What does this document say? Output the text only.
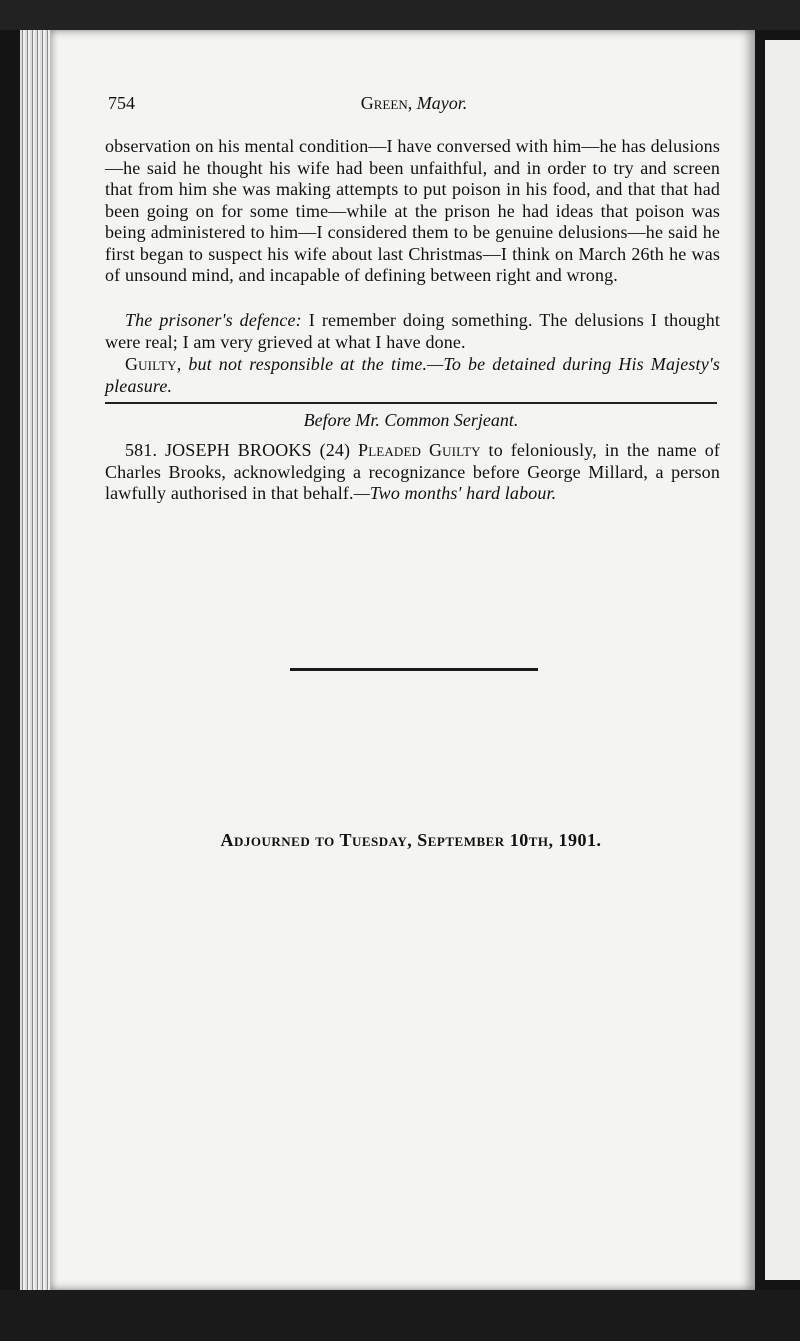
754	Green, Mayor.
observation on his mental condition—I have conversed with him—he has delusions—he said he thought his wife had been unfaithful, and in order to try and screen that from him she was making attempts to put poison in his food, and that that had been going on for some time—while at the prison he had ideas that poison was being administered to him—I considered them to be genuine delusions—he said he first began to suspect his wife about last Christmas—I think on March 26th he was of unsound mind, and incapable of defining between right and wrong.
The prisoner's defence: I remember doing something. The delusions I thought were real; I am very grieved at what I have done.
Guilty, but not responsible at the time.—To be detained during His Majesty's pleasure.
Before Mr. Common Serjeant.
581. JOSEPH BROOKS (24) Pleaded Guilty to feloniously, in the name of Charles Brooks, acknowledging a recognizance before George Millard, a person lawfully authorised in that behalf.—Two months' hard labour.
Adjourned to Tuesday, September 10th, 1901.
